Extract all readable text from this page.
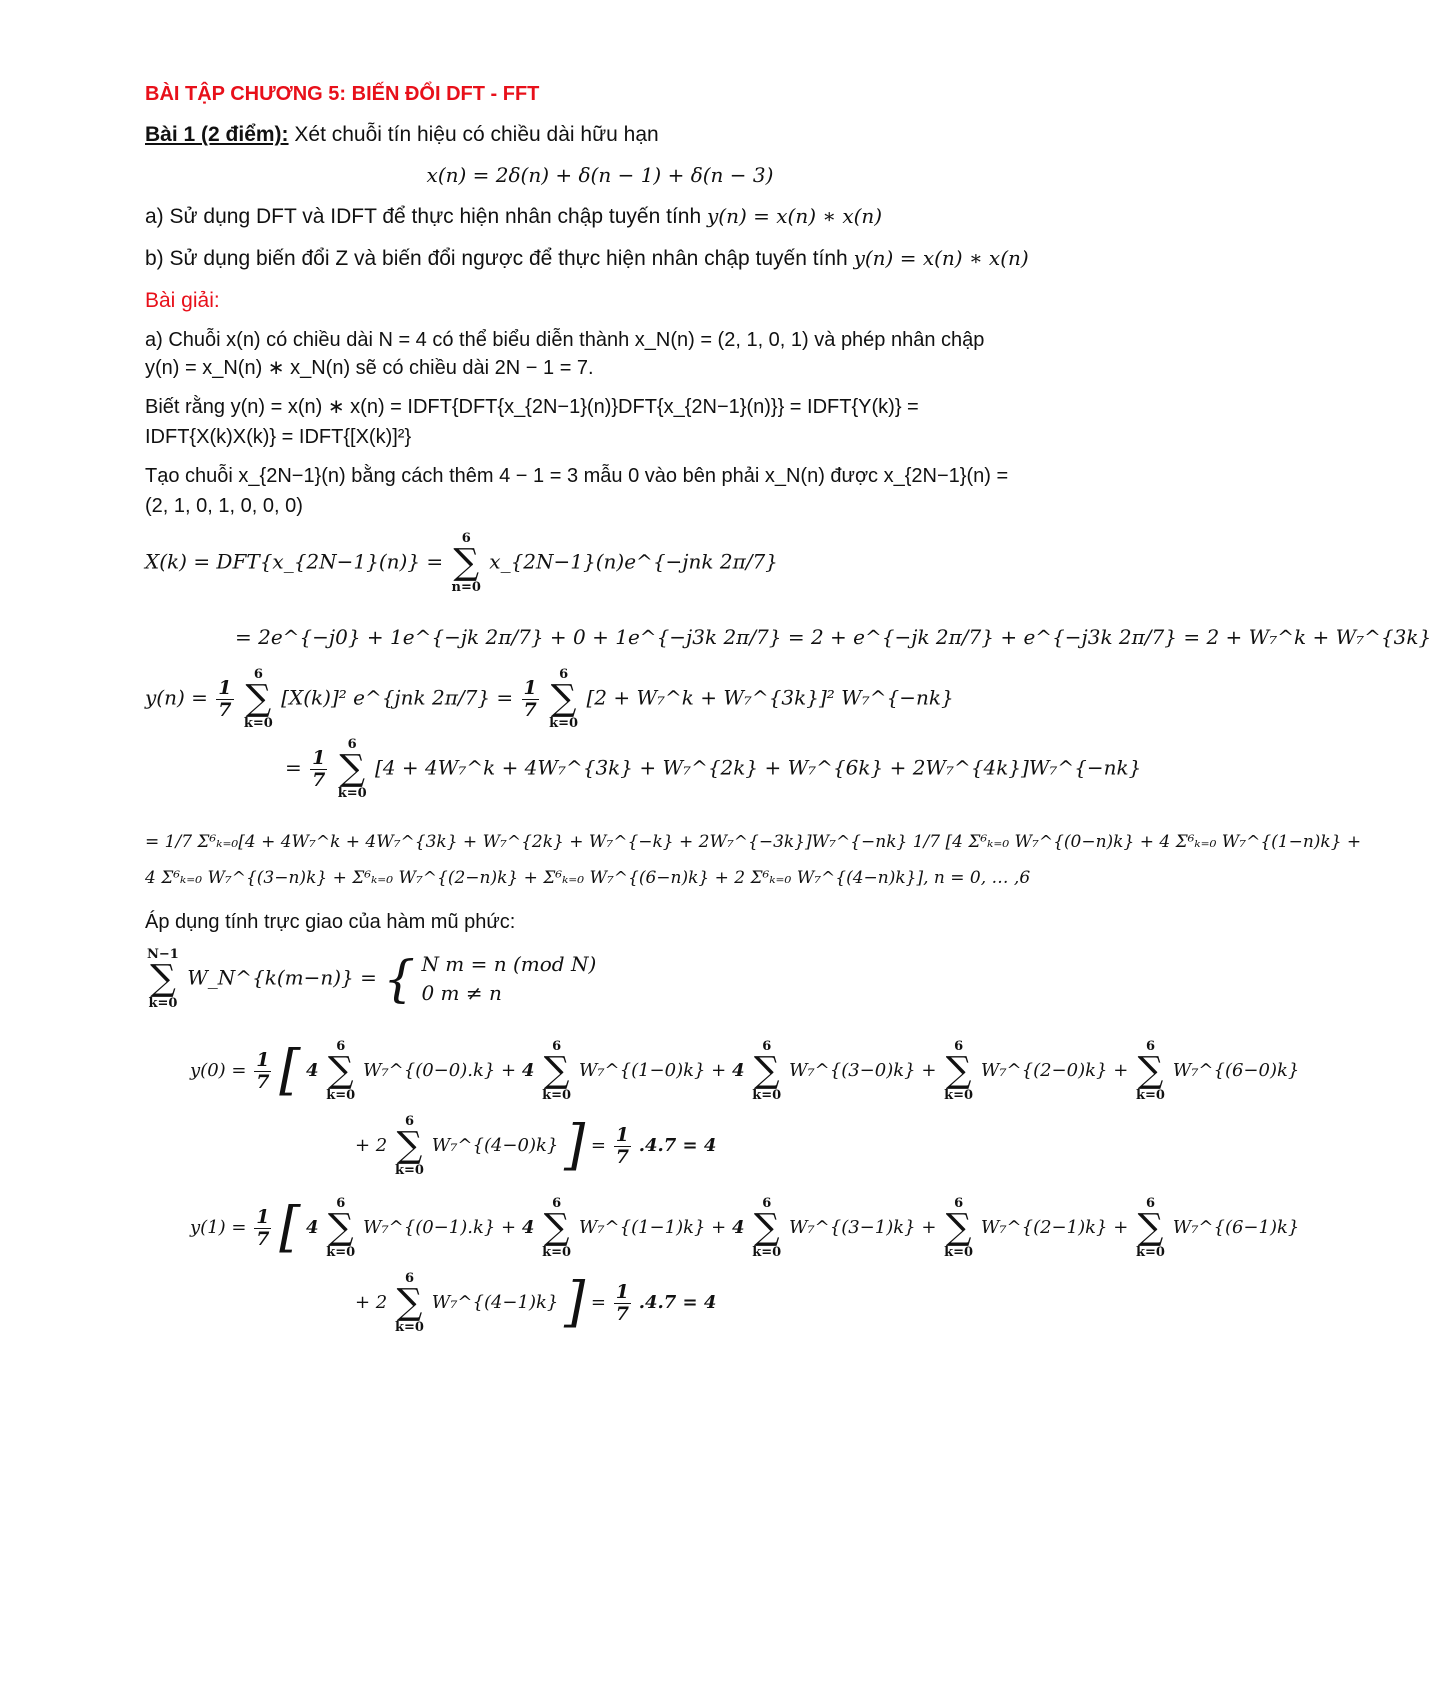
BÀI TẬP CHƯƠNG 5: BIẾN ĐỔI DFT - FFT
Bài 1 (2 điểm): Xét chuỗi tín hiệu có chiều dài hữu hạn
x(n) = 2δ(n) + δ(n − 1) + δ(n − 3)
a) Sử dụng DFT và IDFT để thực hiện nhân chập tuyến tính y(n) = x(n) ∗ x(n)
b) Sử dụng biến đổi Z và biến đổi ngược để thực hiện nhân chập tuyến tính y(n) = x(n) ∗ x(n)
Bài giải:
a) Chuỗi x(n) có chiều dài N = 4 có thể biểu diễn thành x_N(n) = (2, 1, 0, 1) và phép nhân chập
y(n) = x_N(n) ∗ x_N(n) sẽ có chiều dài 2N − 1 = 7.
Biết rằng y(n) = x(n) ∗ x(n) = IDFT{DFT{x_{2N−1}(n)}DFT{x_{2N−1}(n)}} = IDFT{Y(k)} =
IDFT{X(k)X(k)} = IDFT{[X(k)]²}
Tạo chuỗi x_{2N−1}(n) bằng cách thêm 4 − 1 = 3 mẫu 0 vào bên phải x_N(n) được x_{2N−1}(n) =
(2, 1, 0, 1, 0, 0, 0)
X(k) = DFT{x_{2N−1}(n)} =
6
∑
n=0
x_{2N−1}(n)e^{−jnk 2π/7}
= 2e^{−j0} + 1e^{−jk 2π/7} + 0 + 1e^{−j3k 2π/7} = 2 + e^{−jk 2π/7} + e^{−j3k 2π/7} = 2 + W₇^k + W₇^{3k}
$y(n) = \frac{1}{7}$

6
∑
k=0
[X(k)]² e^{jnk $2\pi/7\} = \frac{1}{7}$

6
∑
k=0
[2 + W₇^k + W₇^{3k}]² W₇^{−nk}
= $\frac{1}{7}$

6
∑
k=0
[4 + 4W₇^k + 4W₇^{3k} + W₇^{2k} + W₇^{6k} + 2W₇^{4k}]W₇^{−nk}
= 1/7 Σ⁶ₖ₌₀[4 + 4W₇^k + 4W₇^{3k} + W₇^{2k} + W₇^{−k} + 2W₇^{−3k}]W₇^{−nk} 1/7 [4 Σ⁶ₖ₌₀ W₇^{(0−n)k} + 4 Σ⁶ₖ₌₀ W₇^{(1−n)k} +
4 Σ⁶ₖ₌₀ W₇^{(3−n)k} + Σ⁶ₖ₌₀ W₇^{(2−n)k} + Σ⁶ₖ₌₀ W₇^{(6−n)k} + 2 Σ⁶ₖ₌₀ W₇^{(4−n)k}], n = 0, … ,6
Áp dụng tính trực giao của hàm mũ phức:
N−1
∑
k=0
W_N^{k(m−n)} = { N m = n (mod N)
0 m ≠ n
$y(0) = \frac{1}{7}$ [ 4
6
∑
k=0
W₇^{(0−0).k} + 4
6
∑
k=0
W₇^{(1−0)k} + 4
6
∑
k=0
W₇^{(3−0)k} +
6
∑
k=0
W₇^{(2−0)k} +
6
∑
k=0
W₇^{(6−0)k}
+ 2
6
∑
k=0
W₇^{(4−0)k} ] = $\frac{1}{7} .4.7 = 4$
$y(1) = \frac{1}{7}$ [ 4
6
∑
k=0
W₇^{(0−1).k} + 4
6
∑
k=0
W₇^{(1−1)k} + 4
6
∑
k=0
W₇^{(3−1)k} +
6
∑
k=0
W₇^{(2−1)k} +
6
∑
k=0
W₇^{(6−1)k}
+ 2
6
∑
k=0
W₇^{(4−1)k} ] = $\frac{1}{7} .4.7 = 4$
